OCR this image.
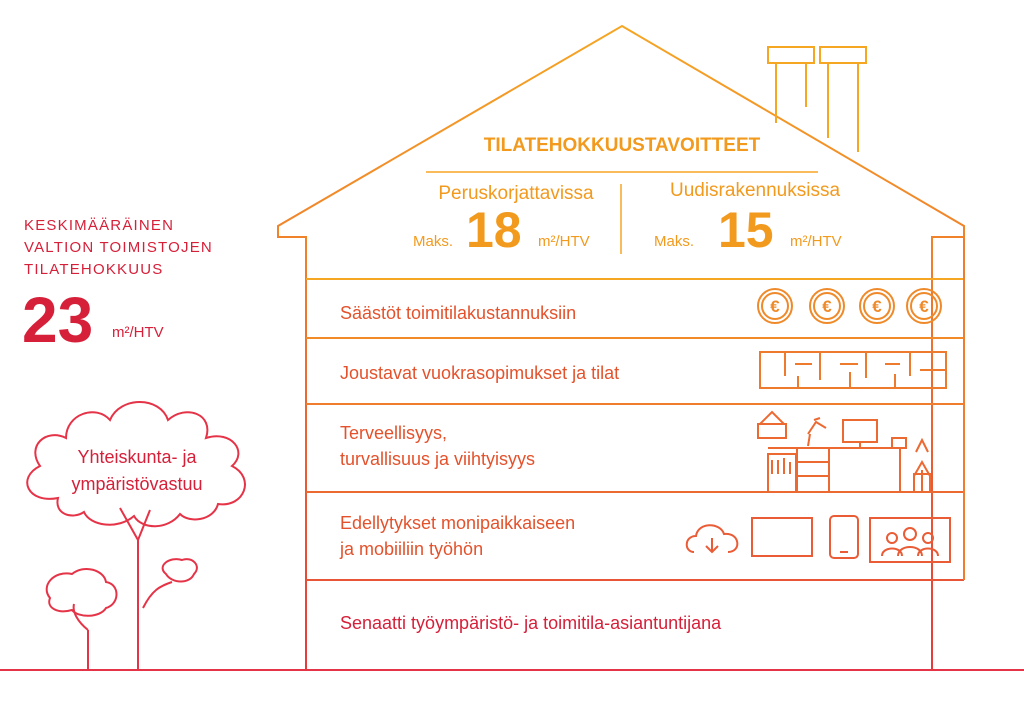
€	€ € €
KESKIMÄÄRÄINEN
VALTION TOIMISTOJEN
TILATEHOKKUUS
23 m²/HTV
Yhteiskunta- ja
ympäristövastuu
TILATEHOKKUUSTAVOITTEET
Peruskorjattavissa
Maks. 18 m²/HTV
Uudisrakennuksissa
Maks. 15 m²/HTV
Säästöt toimitilakustannuksiin
Joustavat vuokrasopimukset ja tilat
Terveellisyys,
turvallisuus ja viihtyisyys
Edellytykset monipaikkaiseen
ja mobiiliin työhön
Senaatti työympäristö- ja toimitila-asiantuntijana
